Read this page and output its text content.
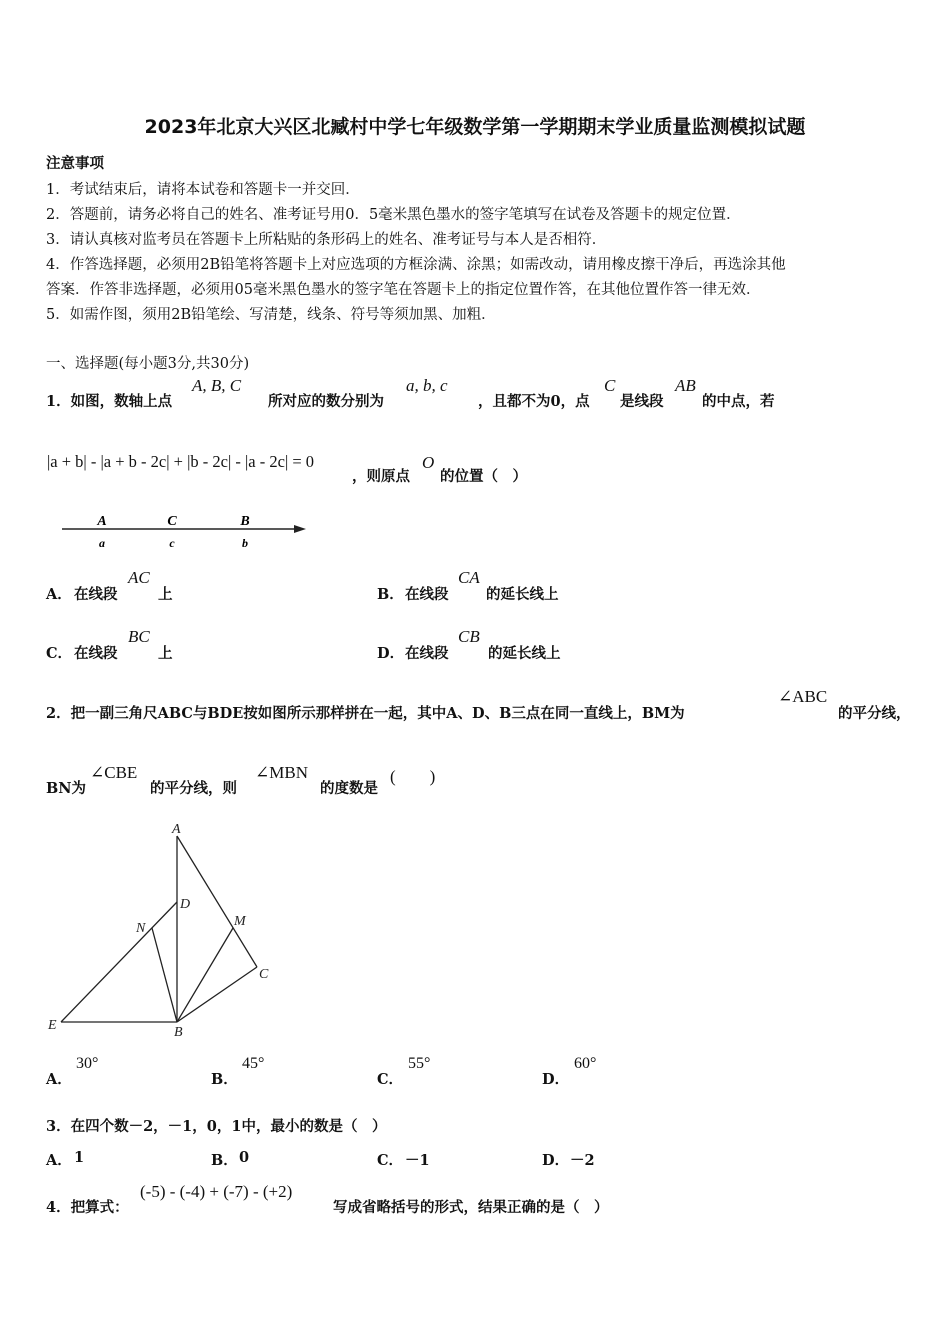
2023年北京大兴区北臧村中学七年级数学第一学期期末学业质量监测模拟试题
注意事项
1．考试结束后，请将本试卷和答题卡一并交回．
2．答题前，请务必将自己的姓名、准考证号用0．5毫米黑色墨水的签字笔填写在试卷及答题卡的规定位置．
3．请认真核对监考员在答题卡上所粘贴的条形码上的姓名、准考证号与本人是否相符．
4．作答选择题，必须用2B铅笔将答题卡上对应选项的方框涂满、涂黑；如需改动，请用橡皮擦干净后，再选涂其他
答案．作答非选择题，必须用05毫米黑色墨水的签字笔在答题卡上的指定位置作答，在其他位置作答一律无效．
5．如需作图，须用2B铅笔绘、写清楚，线条、符号等须加黑、加粗．
一、选择题(每小题3分,共30分)
1．如图，数轴上点
A, B, C
所对应的数分别为
a, b, c
，且都不为0，点
C
是线段
AB
的中点，若
|a + b| - |a + b - 2c| + |b - 2c| - |a - 2c| = 0
，则原点
O
的位置（　）
A	C	B
a	c	b
A． 在线段
AC
上	B． 在线段
CA
的延长线上
C． 在线段
BC
上	D． 在线段
CB
的延长线上
2．把一副三角尺ABC与BDE按如图所示那样拼在一起，其中A、D、B三点在同一直线上，BM为
∠ABC
的平分线，
BN为
∠CBE
的平分线，则
∠MBN
的度数是
(　　)
A
D
N	M
C
E	B
A．
30°
B．
45°
C．
55°
D．
60°
3．在四个数－2，－1，0，1中，最小的数是（　）
A． 1	B． 0	C． －1	D． －2
4．把算式：
(-5) - (-4) + (-7) - (+2)
写成省略括号的形式，结果正确的是（　）
